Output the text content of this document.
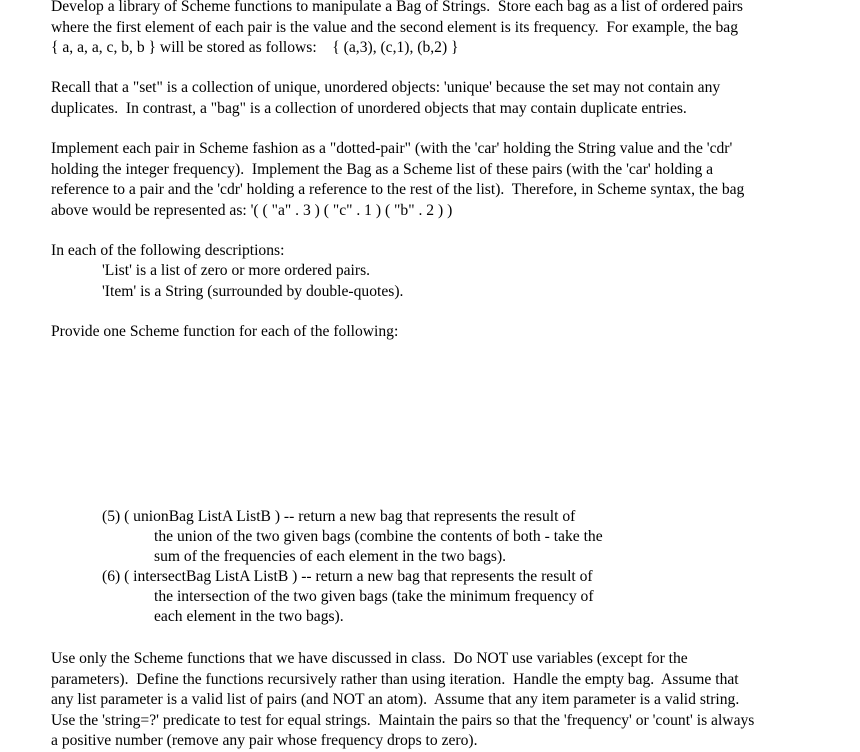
Develop a library of Scheme functions to manipulate a Bag of Strings.  Store each bag as a list of ordered pairs
where the first element of each pair is the value and the second element is its frequency.  For example, the bag
{ a, a, a, c, b, b } will be stored as follows:    { (a,3), (c,1), (b,2) }

Recall that a "set" is a collection of unique, unordered objects: 'unique' because the set may not contain any
duplicates.  In contrast, a "bag" is a collection of unordered objects that may contain duplicate entries.

Implement each pair in Scheme fashion as a "dotted-pair" (with the 'car' holding the String value and the 'cdr'
holding the integer frequency).  Implement the Bag as a Scheme list of these pairs (with the 'car' holding a
reference to a pair and the 'cdr' holding a reference to the rest of the list).  Therefore, in Scheme syntax, the bag
above would be represented as: '( ( "a" . 3 ) ( "c" . 1 ) ( "b" . 2 ) )

In each of the following descriptions:

'List' is a list of zero or more ordered pairs.
'Item' is a String (surrounded by double-quotes).

Provide one Scheme function for each of the following:

(5) ( unionBag ListA ListB ) -- return a new bag that represents the result of
the union of the two given bags (combine the contents of both - take the
sum of the frequencies of each element in the two bags).
(6) ( intersectBag ListA ListB ) -- return a new bag that represents the result of
the intersection of the two given bags (take the minimum frequency of
each element in the two bags).

Use only the Scheme functions that we have discussed in class.  Do NOT use variables (except for the
parameters).  Define the functions recursively rather than using iteration.  Handle the empty bag.  Assume that
any list parameter is a valid list of pairs (and NOT an atom).  Assume that any item parameter is a valid string.
Use the 'string=?' predicate to test for equal strings.  Maintain the pairs so that the 'frequency' or 'count' is always
a positive number (remove any pair whose frequency drops to zero).
